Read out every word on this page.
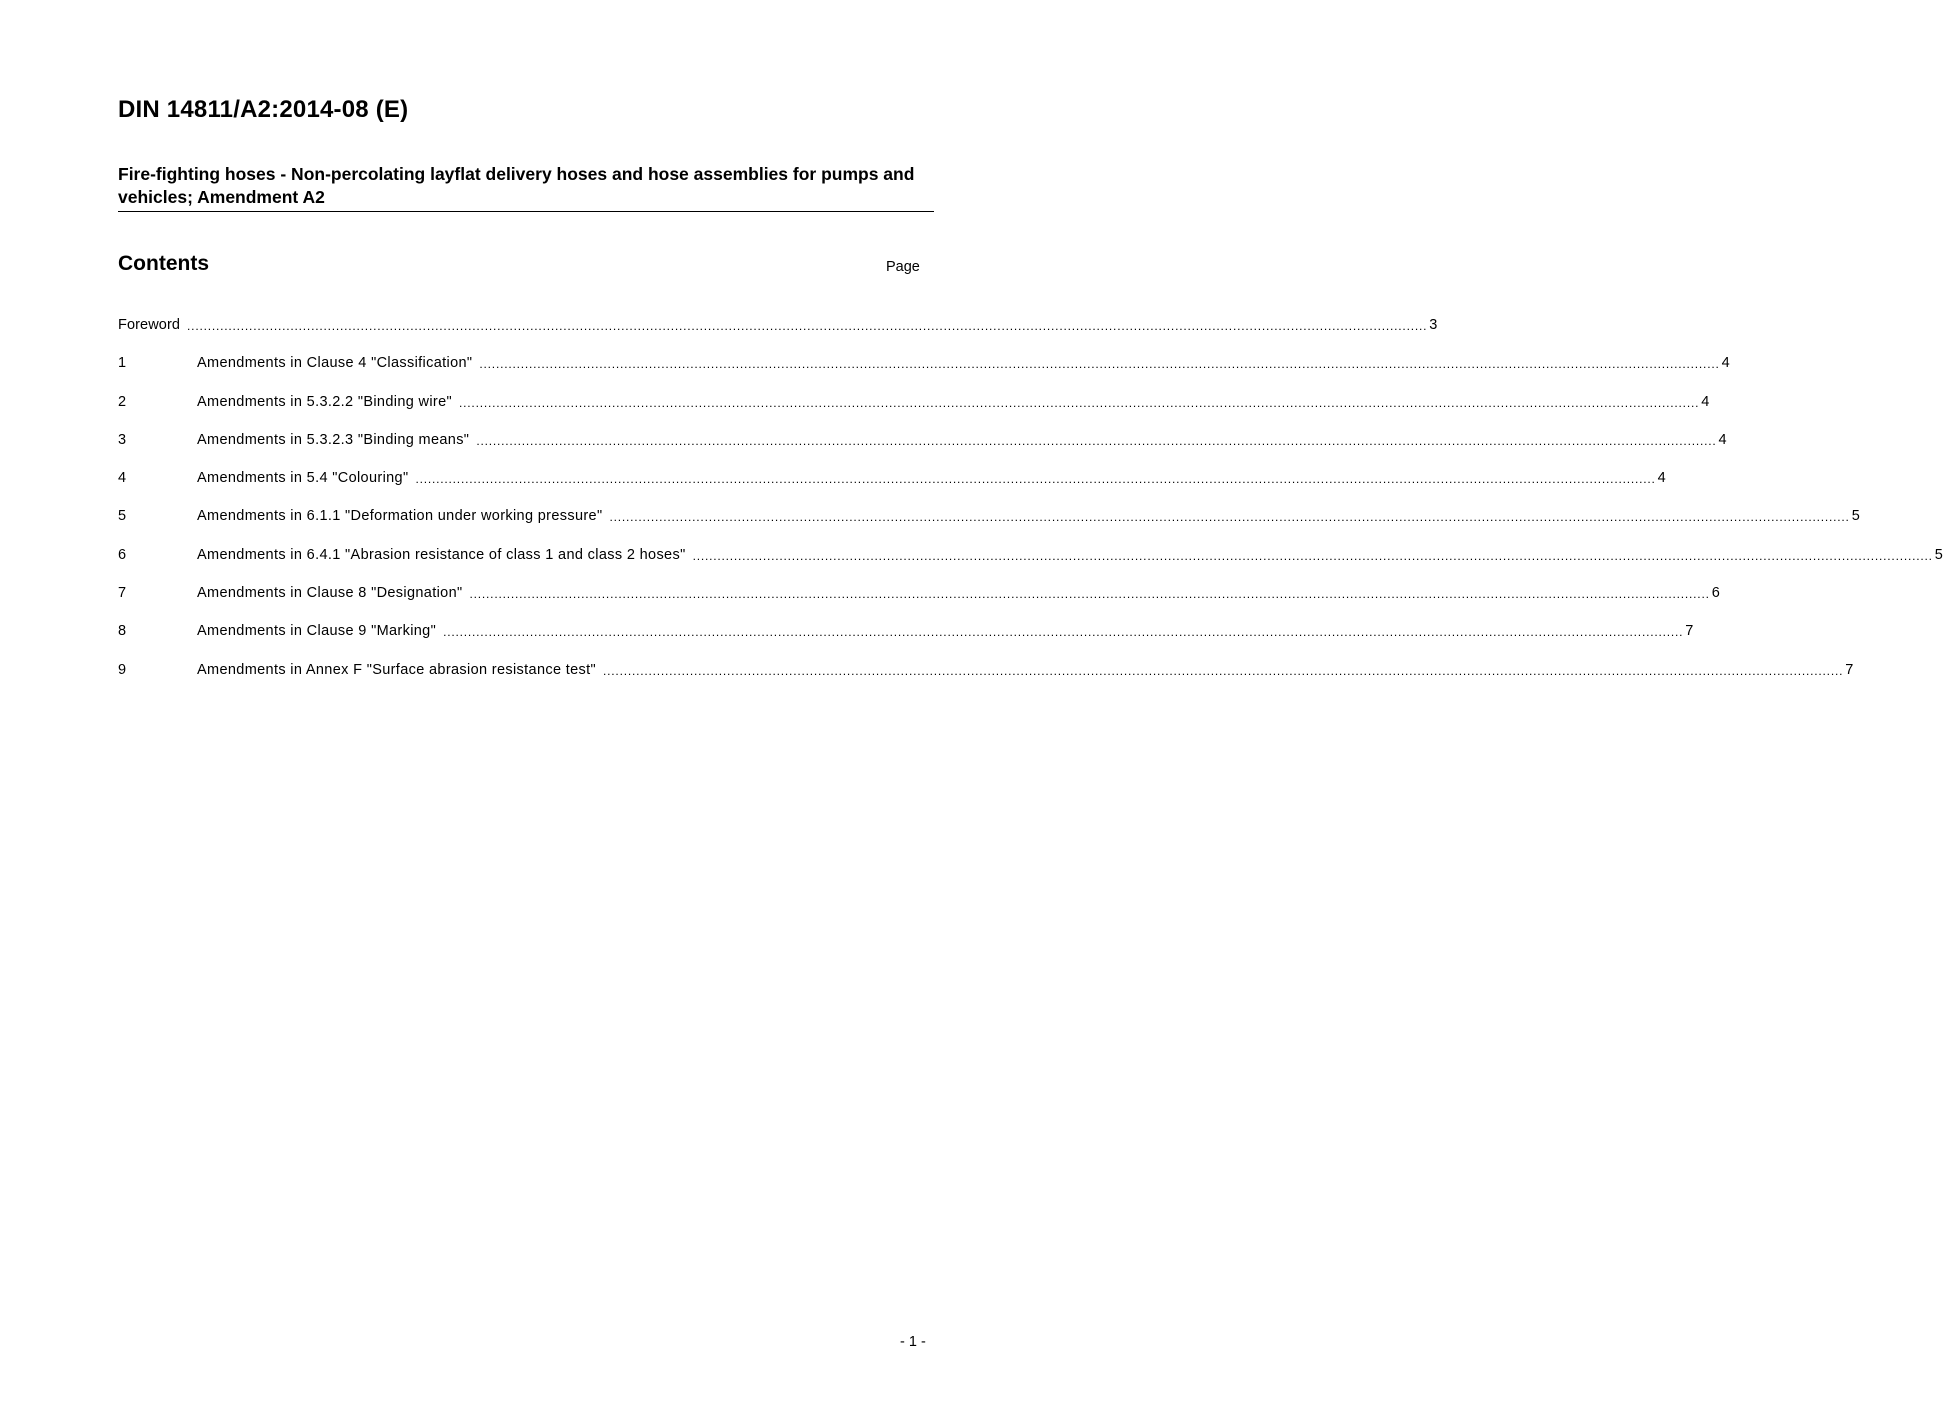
DIN 14811/A2:2014-08 (E)
Fire-fighting hoses - Non-percolating layflat delivery hoses and hose assemblies for pumps and vehicles; Amendment A2
Contents	Page
Foreword ............................................................................................................................................................................................................................................................................................................ 3
1	Amendments in Clause 4 "Classification" ............................................................................................................................................................................................................................................................................................................ 4
2	Amendments in 5.3.2.2 "Binding wire" ............................................................................................................................................................................................................................................................................................................ 4
3	Amendments in 5.3.2.3 "Binding means" ............................................................................................................................................................................................................................................................................................................ 4
4	Amendments in 5.4 "Colouring" ............................................................................................................................................................................................................................................................................................................ 4
5	Amendments in 6.1.1 "Deformation under working pressure" ............................................................................................................................................................................................................................................................................................................ 5
6	Amendments in 6.4.1 "Abrasion resistance of class 1 and class 2 hoses" ............................................................................................................................................................................................................................................................................................................ 5
7	Amendments in Clause 8 "Designation" ............................................................................................................................................................................................................................................................................................................ 6
8	Amendments in Clause 9 "Marking" ............................................................................................................................................................................................................................................................................................................ 7
9	Amendments in Annex F "Surface abrasion resistance test" ............................................................................................................................................................................................................................................................................................................ 7
- 1 -
